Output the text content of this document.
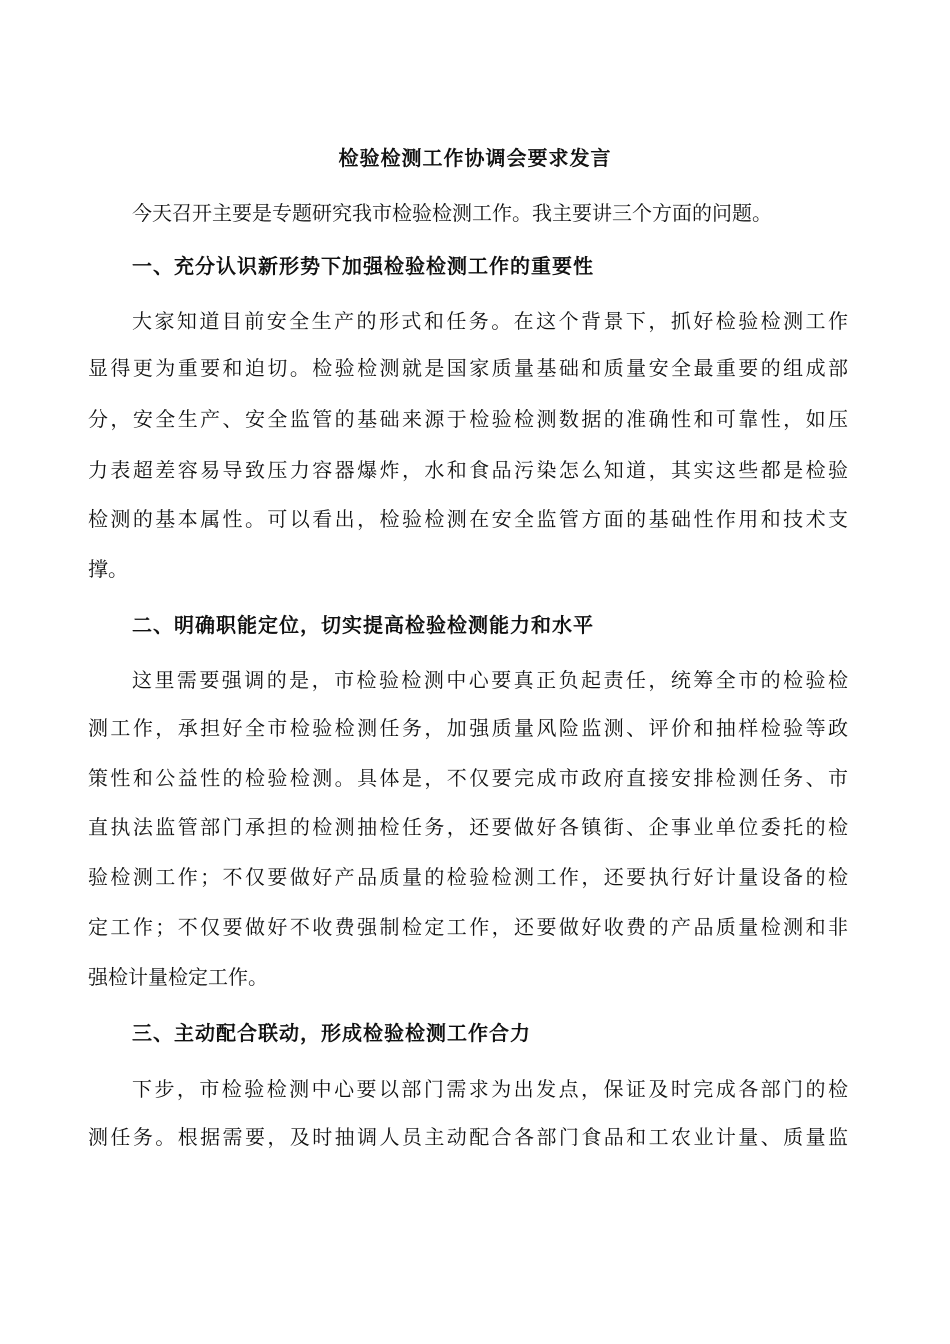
检验检测工作协调会要求发言
今天召开主要是专题研究我市检验检测工作。我主要讲三个方面的问题。
一、充分认识新形势下加强检验检测工作的重要性
大家知道目前安全生产的形式和任务。在这个背景下，抓好检验检测工作
显得更为重要和迫切。检验检测就是国家质量基础和质量安全最重要的组成部
分，安全生产、安全监管的基础来源于检验检测数据的准确性和可靠性，如压
力表超差容易导致压力容器爆炸，水和食品污染怎么知道，其实这些都是检验
检测的基本属性。可以看出，检验检测在安全监管方面的基础性作用和技术支
撑。
二、明确职能定位，切实提高检验检测能力和水平
这里需要强调的是，市检验检测中心要真正负起责任，统筹全市的检验检
测工作，承担好全市检验检测任务，加强质量风险监测、评价和抽样检验等政
策性和公益性的检验检测。具体是，不仅要完成市政府直接安排检测任务、市
直执法监管部门承担的检测抽检任务，还要做好各镇街、企事业单位委托的检
验检测工作；不仅要做好产品质量的检验检测工作，还要执行好计量设备的检
定工作；不仅要做好不收费强制检定工作，还要做好收费的产品质量检测和非
强检计量检定工作。
三、主动配合联动，形成检验检测工作合力
下步，市检验检测中心要以部门需求为出发点，保证及时完成各部门的检
测任务。根据需要，及时抽调人员主动配合各部门食品和工农业计量、质量监
